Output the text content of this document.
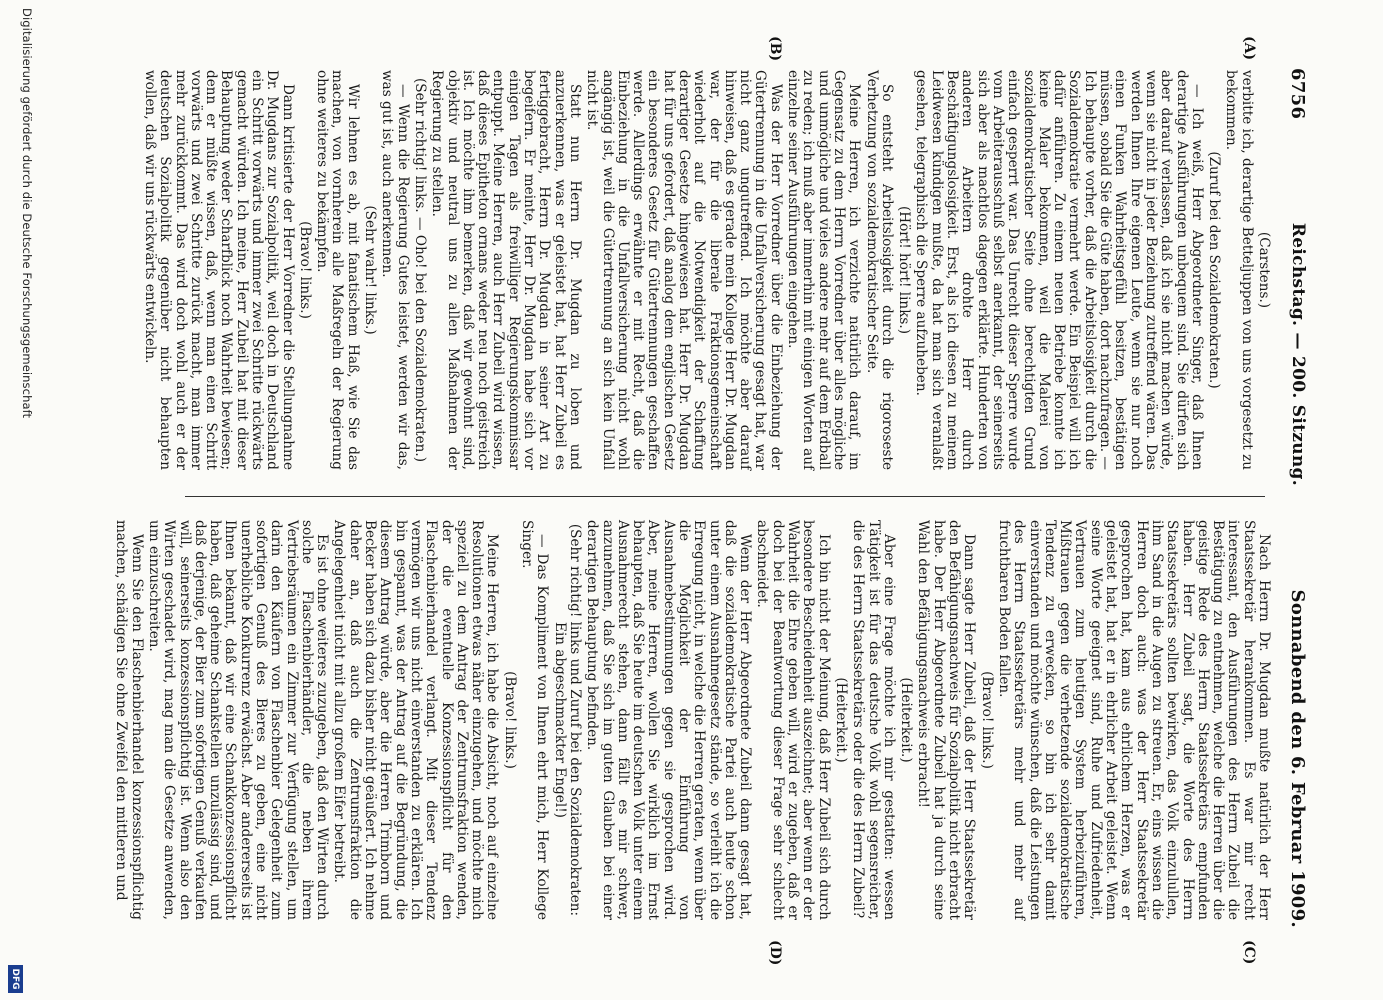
6756
Reichstag. — 200. Sitzung.
Sonnabend den 6. Februar 1909.
(A)
(B)
(C)
(D)

(Carstens.)

verbitte ich, derartige Betteljuppen von uns vorgesetzt zu bekommen.

(Zuruf bei den Sozialdemokraten.)

— Ich weiß, Herr Abgeordneter Singer, daß Ihnen derartige Ausführungen unbequem sind. Sie dürfen sich aber darauf verlassen, daß ich sie nicht machen würde, wenn sie nicht in jeder Beziehung zutreffend wären. Das werden Ihnen Ihre eigenen Leute, wenn sie nur noch einen Funken Wahrheitsgefühl besitzen, bestätigen müssen, sobald Sie die Güte haben, dort nachzufragen. — Ich behaupte vorher, daß die Arbeitslosigkeit durch die Sozialdemokratie vermehrt werde. Ein Beispiel will ich dafür anführen. Zu einem neuen Betriebe konnte ich keine Maler bekommen, weil die Malerei von sozialdemokratischer Seite ohne berechtigten Grund einfach gesperrt war. Das Unrecht dieser Sperre wurde vom Arbeiterausschuß selbst anerkannt, der seinerseits sich aber als machtlos dagegen erklärte. Hunderten von anderen Arbeitern drohte Herr durch Beschäftigungslosigkeit. Erst, als ich diesen zu meinem Leidwesen kündigen mußte, da hat man sich veranlaßt gesehen, telegraphisch die Sperre aufzuheben.

(Hört! hört! links.)

So entsteht Arbeitslosigkeit durch die rigoroseste Verhetzung von sozialdemokratischer Seite.

Meine Herren, ich verzichte natürlich darauf, im Gegensatz zu dem Herrn Vorredner über alles mögliche und unmögliche und vieles andere mehr auf dem Erdball zu reden; ich muß aber immerhin mit einigen Worten auf einzelne seiner Ausführungen eingehen.

Was der Herr Vorredner über die Einbeziehung der Gütertrennung in die Unfallversicherung gesagt hat, war nicht ganz ungutreffend. Ich möchte aber darauf hinweisen, daß es gerade mein Kollege Herr Dr. Mugdan war, der für die liberale Fraktionsgemeinschaft wiederholt auf die Notwendigkeit der Schaffung derartiger Gesetze hingewiesen hat. Herr Dr. Mugdan hat für uns gefordert, daß analog dem englischen Gesetz ein besonderes Gesetz für Gütertrennungen geschaffen werde. Allerdings erwähnte er mit Recht, daß die Einbeziehung in die Unfallversicherung nicht wohl angängig ist, weil die Gütertrennung an sich kein Unfall nicht ist.

Statt nun Herrn Dr. Mugdan zu loben und anzuerkennen, was er geleistet hat, hat Herr Zubeil es fertiggebracht, Herrn Dr. Mugdan in seiner Art zu begeifern. Er meinte, Herr Dr. Mugdan habe sich vor einigen Tagen als freiwilliger Regierungskommissar entpuppt. Meine Herren, auch Herr Zubeil wird wissen, daß dieses Epitheton ornans weder neu noch geistreich ist. Ich möchte ihm bemerken, daß wir gewohnt sind, objektiv und neutral uns zu allen Maßnahmen der Regierung zu stellen.

(Sehr richtig! links. — Oho! bei den Sozialdemokraten.)

— Wenn die Regierung Gutes leistet, werden wir das, was gut ist, auch anerkennen.

(Sehr wahr! links.)

Wir lehnen es ab, mit fanatischem Haß, wie Sie das machen, von vornherein alle Maßregeln der Regierung ohne weiteres zu bekämpfen.

(Bravo! links.)

Dann kritisierte der Herr Vorredner die Stellungnahme Dr. Mugdans zur Sozialpolitik, weil doch in Deutschland ein Schritt vorwärts und immer zwei Schritte rückwärts gemacht würden. Ich meine, Herr Zubeil hat mit dieser Behauptung weder Scharfblick noch Wahrheit bewiesen; denn er müßte wissen, daß, wenn man einen Schritt vorwärts und zwei Schritte zurück macht, man immer mehr zurückkommt. Das wird doch wohl auch er der deutschen Sozialpolitik gegenüber nicht behaupten wollen, daß wir uns rückwärts entwickeln.

Nach Herrn Dr. Mugdan mußte natürlich der Herr Staatssekretär herankommen. Es war mir recht interessant, den Ausführungen des Herrn Zubeil die Bestätigung zu entnehmen, welche die Herren über die geistige Rede des Herrn Staatssekretärs empfunden haben. Herr Zubeil sagt, die Worte des Herrn Staatssekretärs sollten bewirken, das Volk einzulullen, ihm Sand in die Augen zu streuen. Er, eins wissen die Herren doch auch: was der Herr Staatssekretär gesprochen hat, kam aus ehrlichem Herzen, was er geleistet hat, hat er in ehrlicher Arbeit geleistet. Wenn seine Worte geeignet sind, Ruhe und Zufriedenheit, Vertrauen zum heutigen System herbeizuführen, Mißtrauen gegen die verhetzende sozialdemokratische Tendenz zu erwecken, so bin ich sehr damit einverstanden und möchte wünschen, daß die Leistungen des Herrn Staatssekretärs mehr und mehr auf fruchtbaren Boden fallen.

(Bravo! links.)

Dann sagte Herr Zubeil, daß der Herr Staatssekretär den Befähigungsnachweis für Sozialpolitik nicht erbracht habe. Der Herr Abgeordnete Zubeil hat ja durch seine Wahl den Befähigungsnachweis erbracht!

(Heiterkeit.)

Aber eine Frage möchte ich mir gestatten: wessen Tätigkeit ist für das deutsche Volk wohl segensreicher, die des Herrn Staatssekretärs oder die des Herrn Zubeil?

(Heiterkeit.)

Ich bin nicht der Meinung, daß Herr Zubeil sich durch besondere Bescheidenheit auszeichnet; aber wenn er der Wahrheit die Ehre geben will, wird er zugeben, daß er doch bei der Beantwortung dieser Frage sehr schlecht abschneidet.

Wenn der Herr Abgeordnete Zubeil dann gesagt hat, daß die sozialdemokratische Partei auch heute schon unter einem Ausnahmegesetz stände, so verleiht ich die Erregung nicht, in welche die Herren geraten, wenn über die Möglichkeit der Einführung von Ausnahmebestimmungen gegen sie gesprochen wird. Aber, meine Herren, wollen Sie wirklich im Ernst behaupten, daß Sie heute im deutschen Volk unter einem Ausnahmerecht stehen, dann fällt es mir schwer, anzunehmen, daß Sie sich im guten Glauben bei einer derartigen Behauptung befinden.

(Sehr richtig! links und Zuruf bei den Sozialdemokraten: Ein abgeschmackter Engel!)

— Das Kompliment von Ihnen ehrt mich, Herr Kollege Singer.

(Bravo! links.)

Meine Herren, ich habe die Absicht, noch auf einzelne Resolutionen etwas näher einzugehen, und möchte mich speziell zu dem Antrag der Zentrumsfraktion wenden, der die eventuelle Konzessionspflicht für den Flaschenbierhandel verlangt. Mit dieser Tendenz vermögen wir uns nicht einverstanden zu erklären. Ich bin gespannt, was der Antrag auf die Begründung, die diesem Antrag würde, aber die Herren Trimborn und Becker haben sich dazu bisher nicht geäußert. Ich nehme daher an, daß auch die Zentrumsfraktion die Angelegenheit nicht mit allzu großem Eifer betreibt.

Es ist ohne weiteres zuzugeben, daß den Wirten durch solche Flaschenbierhändler, die neben ihrem Vertriebsräumen ein Zimmer zur Verfügung stellen, um darin den Käufern von Flaschenbier Gelegenheit zum sofortigen Genuß des Bieres zu geben, eine nicht unerhebliche Konkurrenz erwächst. Aber andererseits ist Ihnen bekannt, daß wir eine Schankkonzessionspflicht haben, daß geheime Schankstellen unzulässig sind, und daß derjenige, der Bier zum sofortigen Genuß verkaufen will, seinerseits konzessionspflichtig ist. Wenn also den Wirten geschadet wird, mag man die Gesetze anwenden, um einzuschreiten.

Wenn Sie den Flaschenbierhandel konzessionspflichtig machen, schädigen Sie ohne Zweifel den mittleren und

Digitalisierung gefördert durch die Deutsche Forschungsgemeinschaft
DFG
